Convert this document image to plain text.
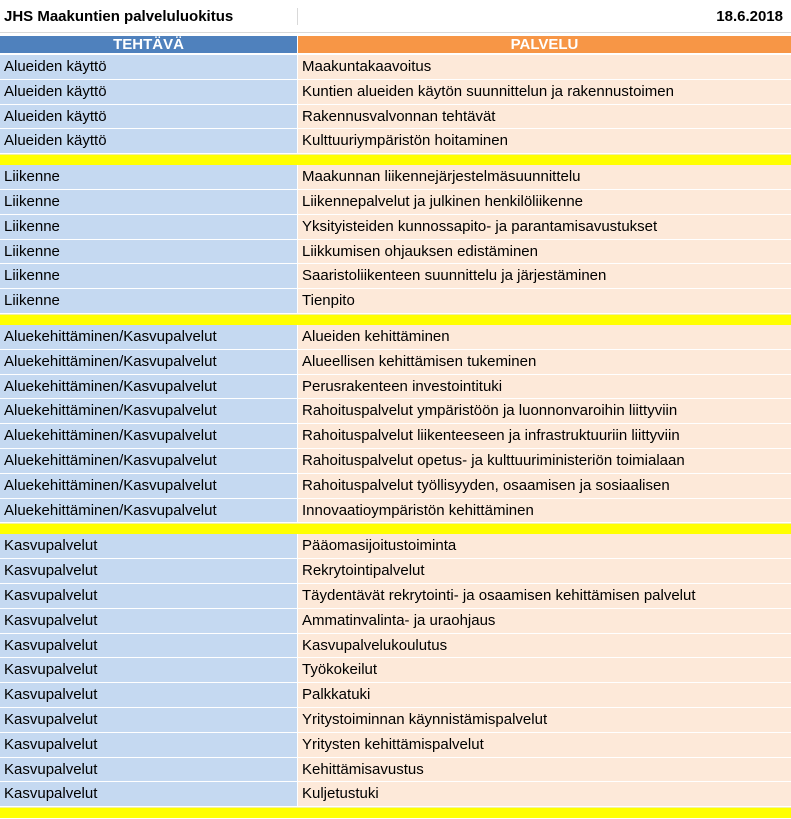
JHS Maakuntien palveluluokitus	18.6.2018
TEHTÄVÄ	PALVELU
Alueiden käyttö	Maakuntakaavoitus
Alueiden käyttö	Kuntien alueiden käytön suunnittelun ja rakennustoimen
Alueiden käyttö	Rakennusvalvonnan tehtävät
Alueiden käyttö	Kulttuuriympäristön hoitaminen
Liikenne	Maakunnan liikennejärjestelmäsuunnittelu
Liikenne	Liikennepalvelut ja julkinen henkilöliikenne
Liikenne	Yksityisteiden kunnossapito- ja parantamisavustukset
Liikenne	Liikkumisen ohjauksen edistäminen
Liikenne	Saaristoliikenteen suunnittelu ja järjestäminen
Liikenne	Tienpito
Aluekehittäminen/Kasvupalvelut	Alueiden kehittäminen
Aluekehittäminen/Kasvupalvelut	Alueellisen kehittämisen tukeminen
Aluekehittäminen/Kasvupalvelut	Perusrakenteen investointituki
Aluekehittäminen/Kasvupalvelut	Rahoituspalvelut ympäristöön ja luonnonvaroihin liittyviin
Aluekehittäminen/Kasvupalvelut	Rahoituspalvelut liikenteeseen ja infrastruktuuriin liittyviin
Aluekehittäminen/Kasvupalvelut	Rahoituspalvelut opetus- ja kulttuuriministeriön toimialaan
Aluekehittäminen/Kasvupalvelut	Rahoituspalvelut työllisyyden, osaamisen ja sosiaalisen
Aluekehittäminen/Kasvupalvelut	Innovaatioympäristön kehittäminen
Kasvupalvelut	Pääomasijoitustoiminta
Kasvupalvelut	Rekrytointipalvelut
Kasvupalvelut	Täydentävät rekrytointi- ja osaamisen kehittämisen palvelut
Kasvupalvelut	Ammatinvalinta- ja uraohjaus
Kasvupalvelut	Kasvupalvelukoulutus
Kasvupalvelut	Työkokeilut
Kasvupalvelut	Palkkatuki
Kasvupalvelut	Yritystoiminnan käynnistämispalvelut
Kasvupalvelut	Yritysten kehittämispalvelut
Kasvupalvelut	Kehittämisavustus
Kasvupalvelut	Kuljetustuki
